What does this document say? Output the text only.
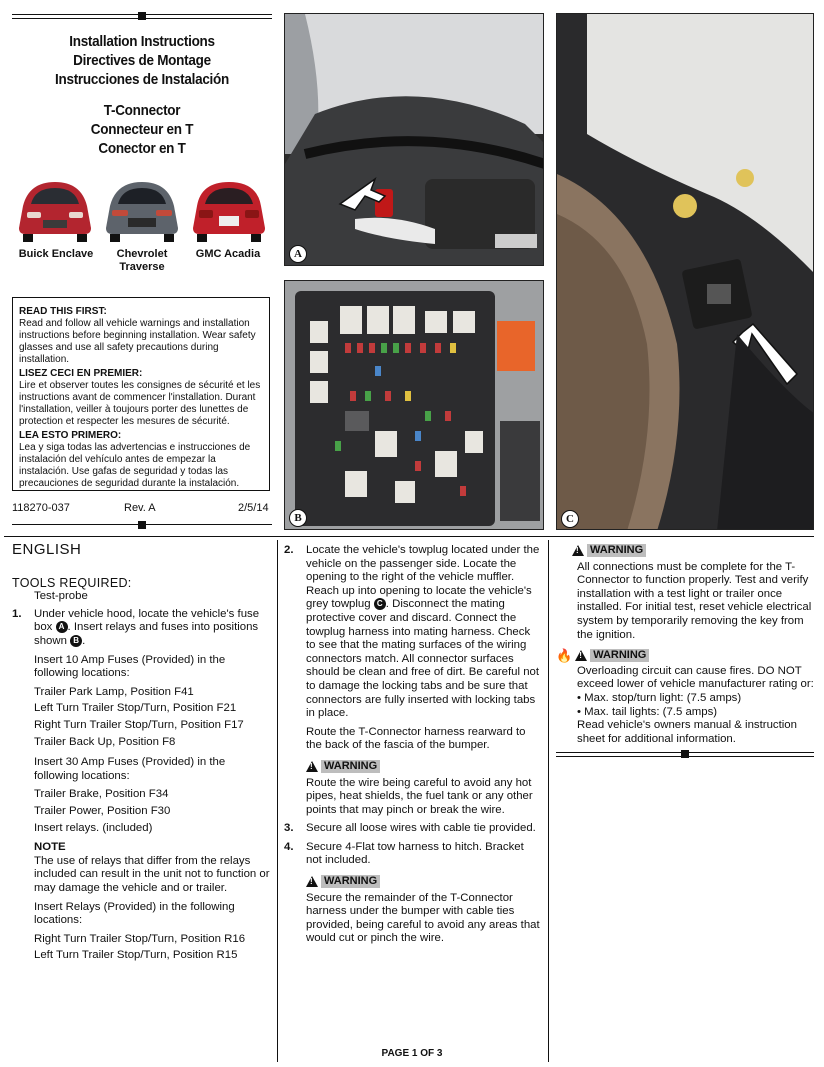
Installation Instructions
Directives de Montage
Instrucciones de Instalación
T-Connector
Connecteur en T
Conector en T
Buick Enclave	Chevrolet
Traverse
GMC Acadia

READ THIS FIRST:
Read and follow all vehicle warnings and installation instructions before beginning installation. Wear safety glasses and use all safety precautions during installation.

LISEZ CECI EN PREMIER:
Lire et observer toutes les consignes de sécurité et les instructions avant de commencer l'installation. Durant l'installation, veiller à toujours porter des lunettes de protection et respecter les mesures de sécurité.

LEA ESTO PRIMERO:
Lea y siga todas las advertencias e instrucciones de instalación del vehículo antes de empezar la instalación. Use gafas de seguridad y todas las precauciones de seguridad durante la instalación.

118270-037	Rev. A	2/5/14
A
B	C
ENGLISH
TOOLS REQUIRED:
Test-probe
1. Under vehicle hood, locate the vehicle's fuse box A . Insert relays and fuses into positions shown B .

Insert 10 Amp Fuses (Provided) in the following locations:

Trailer Park Lamp, Position F41
Left Turn Trailer Stop/Turn, Position F21
Right Turn Trailer Stop/Turn, Position F17
Trailer Back Up, Position F8

Insert 30 Amp Fuses (Provided) in the following locations:

Trailer Brake, Position F34
Trailer Power, Position F30
Insert relays. (included)
NOTE

The use of relays that differ from the relays included can result in the unit not to function or may damage the vehicle and or trailer.

Insert Relays (Provided) in the following locations:

Right Turn Trailer Stop/Turn, Position R16
Left Turn Trailer Stop/Turn, Position R15
2. Locate the vehicle's towplug located under the vehicle on the passenger side. Locate the opening to the right of the vehicle muffler. Reach up into opening to locate the vehicle's grey towplug C . Disconnect the mating protective cover and discard. Connect the towplug harness into mating harness. Check to see that the mating surfaces of the wiring connectors match. All connector surfaces should be clean and free of dirt. Be careful not to damage the locking tabs and be sure that connectors are fully inserted with locking tabs in place.

Route the T-Connector harness rearward to the back of the fascia of the bumper.

!
WARNING

Route the wire being careful to avoid any hot pipes, heat shields, the fuel tank or any other points that may pinch or break the wire.

3. Secure all loose wires with cable tie provided.

4. Secure 4-Flat tow harness to hitch. Bracket not included.

!
WARNING

Secure the remainder of the T-Connector harness under the bumper with cable ties provided, being careful to avoid any areas that would cut or pinch the wire.

!
WARNING

All connections must be complete for the T-Connector to function properly. Test and verify installation with a test light or trailer once installed. For initial test, reset vehicle electrical system by temporarily removing the key from the ignition.

🔥
! WARNING
Overloading circuit can cause fires. DO NOT exceed lower of vehicle manufacturer rating or:
• Max. stop/turn light: (7.5 amps)
• Max. tail lights: (7.5 amps)
Read vehicle's owners manual & instruction sheet for additional information.
PAGE 1 OF 3
